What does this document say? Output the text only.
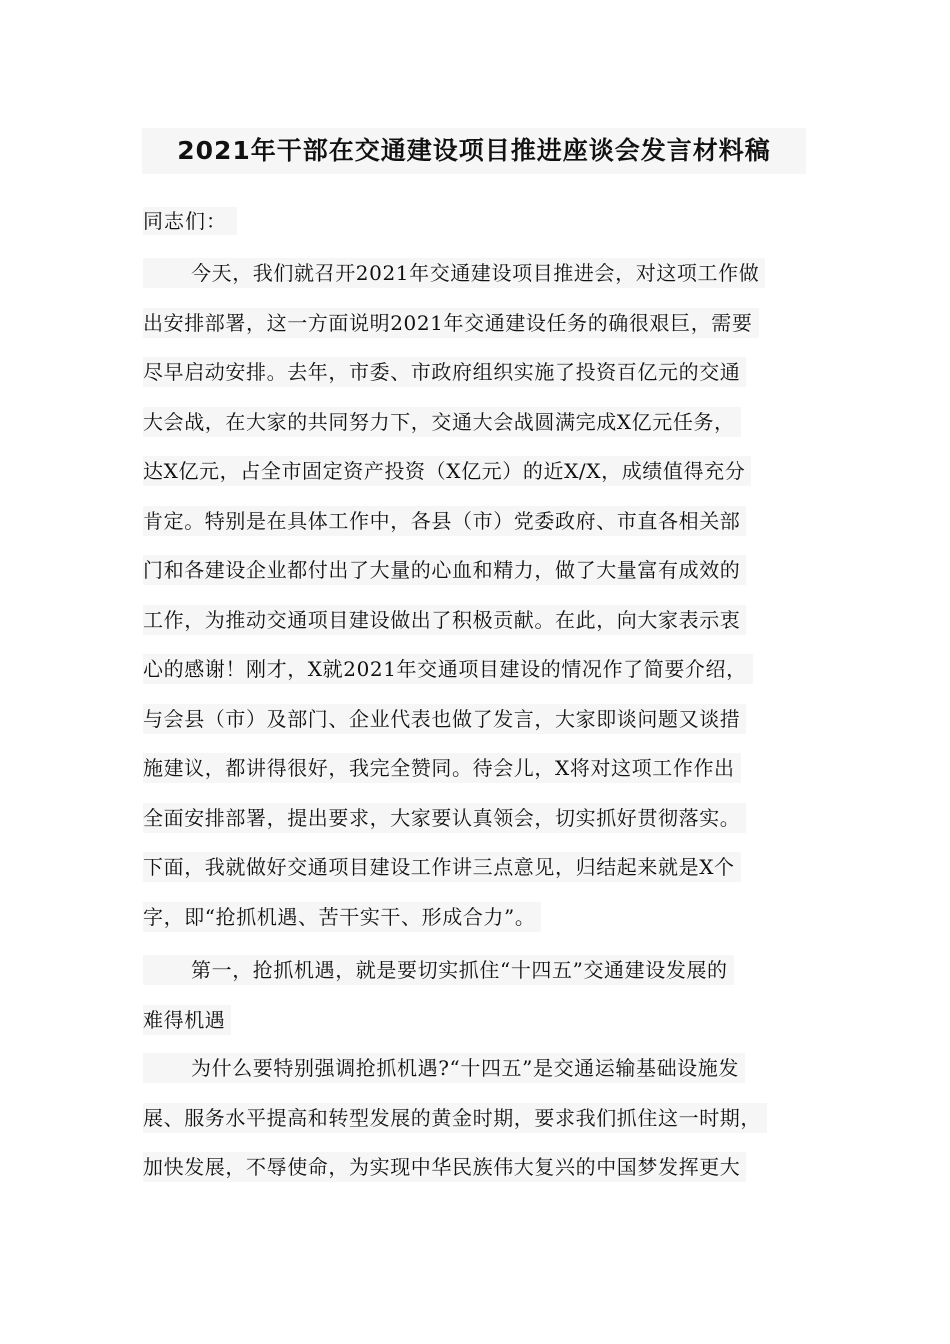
2021年干部在交通建设项目推进座谈会发言材料稿
同志们：
今天，我们就召开2021年交通建设项目推进会，对这项工作做
出安排部署，这一方面说明2021年交通建设任务的确很艰巨，需要
尽早启动安排。去年，市委、市政府组织实施了投资百亿元的交通
大会战，在大家的共同努力下，交通大会战圆满完成X亿元任务，
达X亿元，占全市固定资产投资（X亿元）的近X/X，成绩值得充分
肯定。特别是在具体工作中，各县（市）党委政府、市直各相关部
门和各建设企业都付出了大量的心血和精力，做了大量富有成效的
工作，为推动交通项目建设做出了积极贡献。在此，向大家表示衷
心的感谢！刚才，X就2021年交通项目建设的情况作了简要介绍，
与会县（市）及部门、企业代表也做了发言，大家即谈问题又谈措
施建议，都讲得很好，我完全赞同。待会儿，X将对这项工作作出
全面安排部署，提出要求，大家要认真领会，切实抓好贯彻落实。
下面，我就做好交通项目建设工作讲三点意见，归结起来就是X个
字，即“抢抓机遇、苦干实干、形成合力”。
第一，抢抓机遇，就是要切实抓住“十四五”交通建设发展的
难得机遇
为什么要特别强调抢抓机遇?“十四五”是交通运输基础设施发
展、服务水平提高和转型发展的黄金时期，要求我们抓住这一时期，
加快发展，不辱使命，为实现中华民族伟大复兴的中国梦发挥更大
